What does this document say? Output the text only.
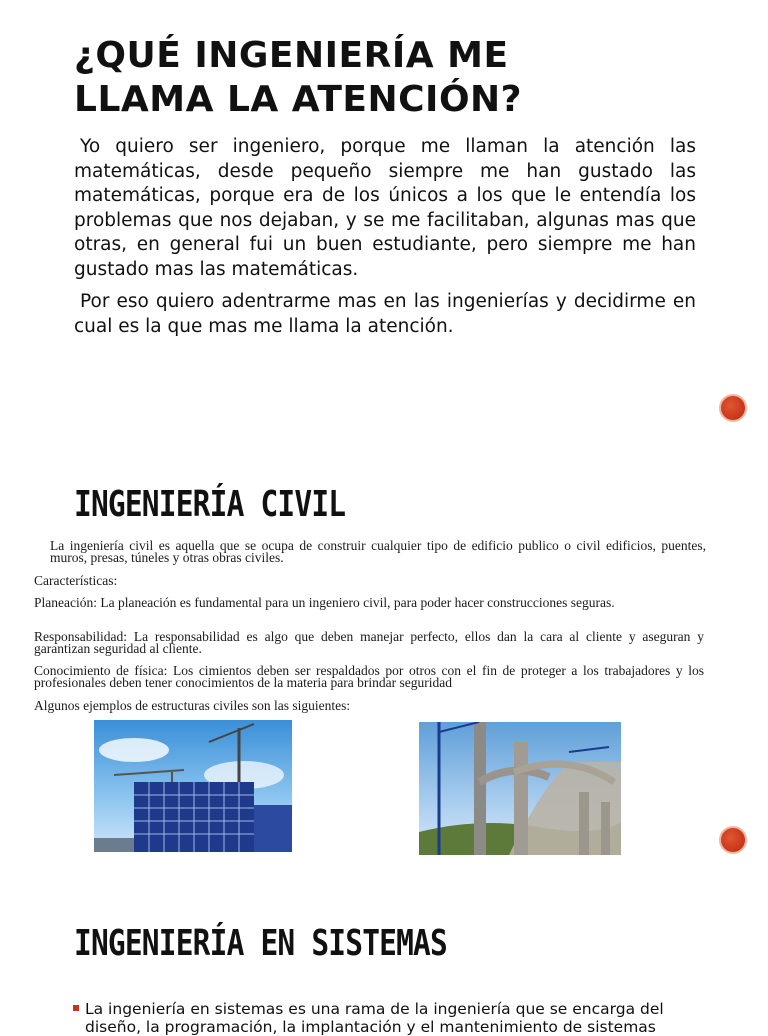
¿QUÉ INGENIERÍA ME
LLAMA LA ATENCIÓN?

Yo quiero ser ingeniero, porque me llaman la atención las matemáticas, desde pequeño siempre me han gustado las matemáticas, porque era de los únicos a los que le entendía los problemas que nos dejaban, y se me facilitaban, algunas mas que otras, en general fui un buen estudiante, pero siempre me han gustado mas las matemáticas.

Por eso quiero adentrarme mas en las ingenierías y decidirme en cual es la que mas me llama la atención.

INGENIERÍA CIVIL

La ingeniería civil es aquella que se ocupa de construir cualquier tipo de edificio publico o civil edificios, puentes, muros, presas, túneles y otras obras civiles.

Características:

Planeación: La planeación es fundamental para un ingeniero civil, para poder hacer construcciones seguras.

Responsabilidad: La responsabilidad es algo que deben manejar perfecto, ellos dan la cara al cliente y aseguran y garantizan seguridad al cliente.

Conocimiento de física: Los cimientos deben ser respaldados por otros con el fin de proteger a los trabajadores y los profesionales deben tener conocimientos de la materia para brindar seguridad

Algunos ejemplos de estructuras civiles son las siguientes:

INGENIERÍA EN SISTEMAS

La ingeniería en sistemas es una rama de la ingeniería que se encarga del diseño, la programación, la implantación y el mantenimiento de sistemas
